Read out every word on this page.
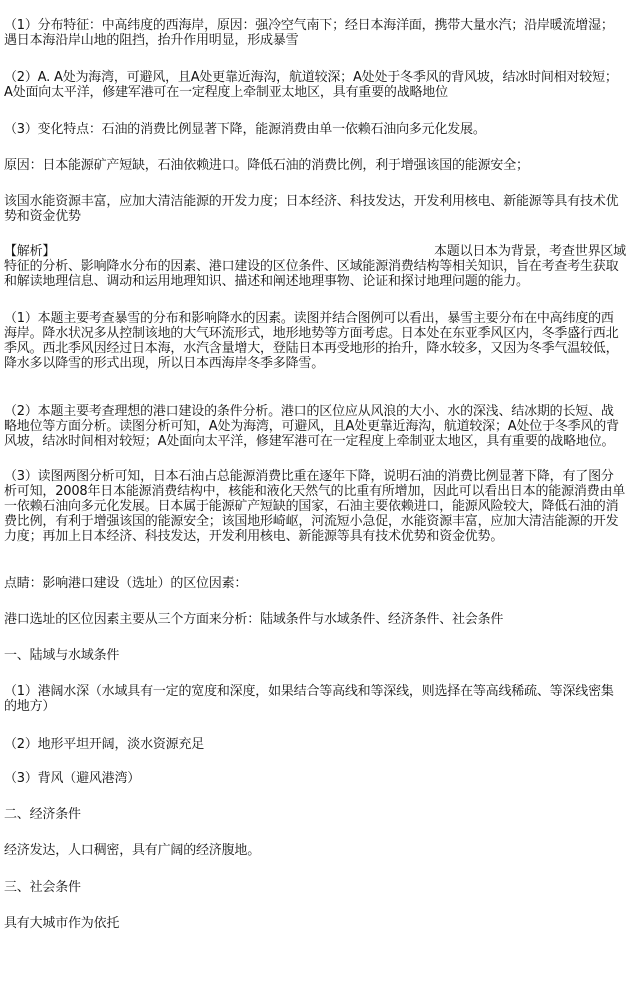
（1）分布特征：中高纬度的西海岸，原因：强冷空气南下；经日本海洋面，携带大量水汽；沿岸暖流增湿；遇日本海沿岸山地的阻挡，抬升作用明显，形成暴雪

（2）A. A处为海湾，可避风，且A处更靠近海沟，航道较深；A处处于冬季风的背风坡，结冰时间相对较短；A处面向太平洋，修建军港可在一定程度上牵制亚太地区，具有重要的战略地位

（3）变化特点：石油的消费比例显著下降，能源消费由单一依赖石油向多元化发展。

原因：日本能源矿产短缺，石油依赖进口。降低石油的消费比例，利于增强该国的能源安全；

该国水能资源丰富，应加大清洁能源的开发力度；日本经济、科技发达，开发利用核电、新能源等具有技术优势和资金优势

【解析】	本题以日本为背景，考查世界区域
特征的分析、影响降水分布的因素、港口建设的区位条件、区域能源消费结构等相关知识，旨在考查考生获取和解读地理信息、调动和运用地理知识、描述和阐述地理事物、论证和探讨地理问题的能力。

（1）本题主要考查暴雪的分布和影响降水的因素。读图并结合图例可以看出，暴雪主要分布在中高纬度的西海岸。降水状况多从控制该地的大气环流形式，地形地势等方面考虑。日本处在东亚季风区内，冬季盛行西北季风。西北季风因经过日本海，水汽含量增大，登陆日本再受地形的抬升，降水较多，又因为冬季气温较低，降水多以降雪的形式出现，所以日本西海岸冬季多降雪。

（2）本题主要考查理想的港口建设的条件分析。港口的区位应从风浪的大小、水的深浅、结冰期的长短、战略地位等方面分析。读图分析可知，A处为海湾，可避风，且A处更靠近海沟，航道较深；A处位于冬季风的背风坡，结冰时间相对较短；A处面向太平洋，修建军港可在一定程度上牵制亚太地区，具有重要的战略地位。

（3）读图两图分析可知，日本石油占总能源消费比重在逐年下降，说明石油的消费比例显著下降，有了图分析可知，2008年日本能源消费结构中，核能和液化天然气的比重有所增加，因此可以看出日本的能源消费由单一依赖石油向多元化发展。日本属于能源矿产短缺的国家，石油主要依赖进口，能源风险较大，降低石油的消费比例，有利于增强该国的能源安全；该国地形崎岖，河流短小急促，水能资源丰富，应加大清洁能源的开发力度；再加上日本经济、科技发达，开发利用核电、新能源等具有技术优势和资金优势。

点睛：影响港口建设（选址）的区位因素：

港口选址的区位因素主要从三个方面来分析：陆域条件与水域条件、经济条件、社会条件

一、陆域与水域条件

（1）港阔水深（水域具有一定的宽度和深度，如果结合等高线和等深线，则选择在等高线稀疏、等深线密集的地方）

（2）地形平坦开阔，淡水资源充足

（3）背风（避风港湾）

二、经济条件

经济发达，人口稠密，具有广阔的经济腹地。

三、社会条件

具有大城市作为依托
